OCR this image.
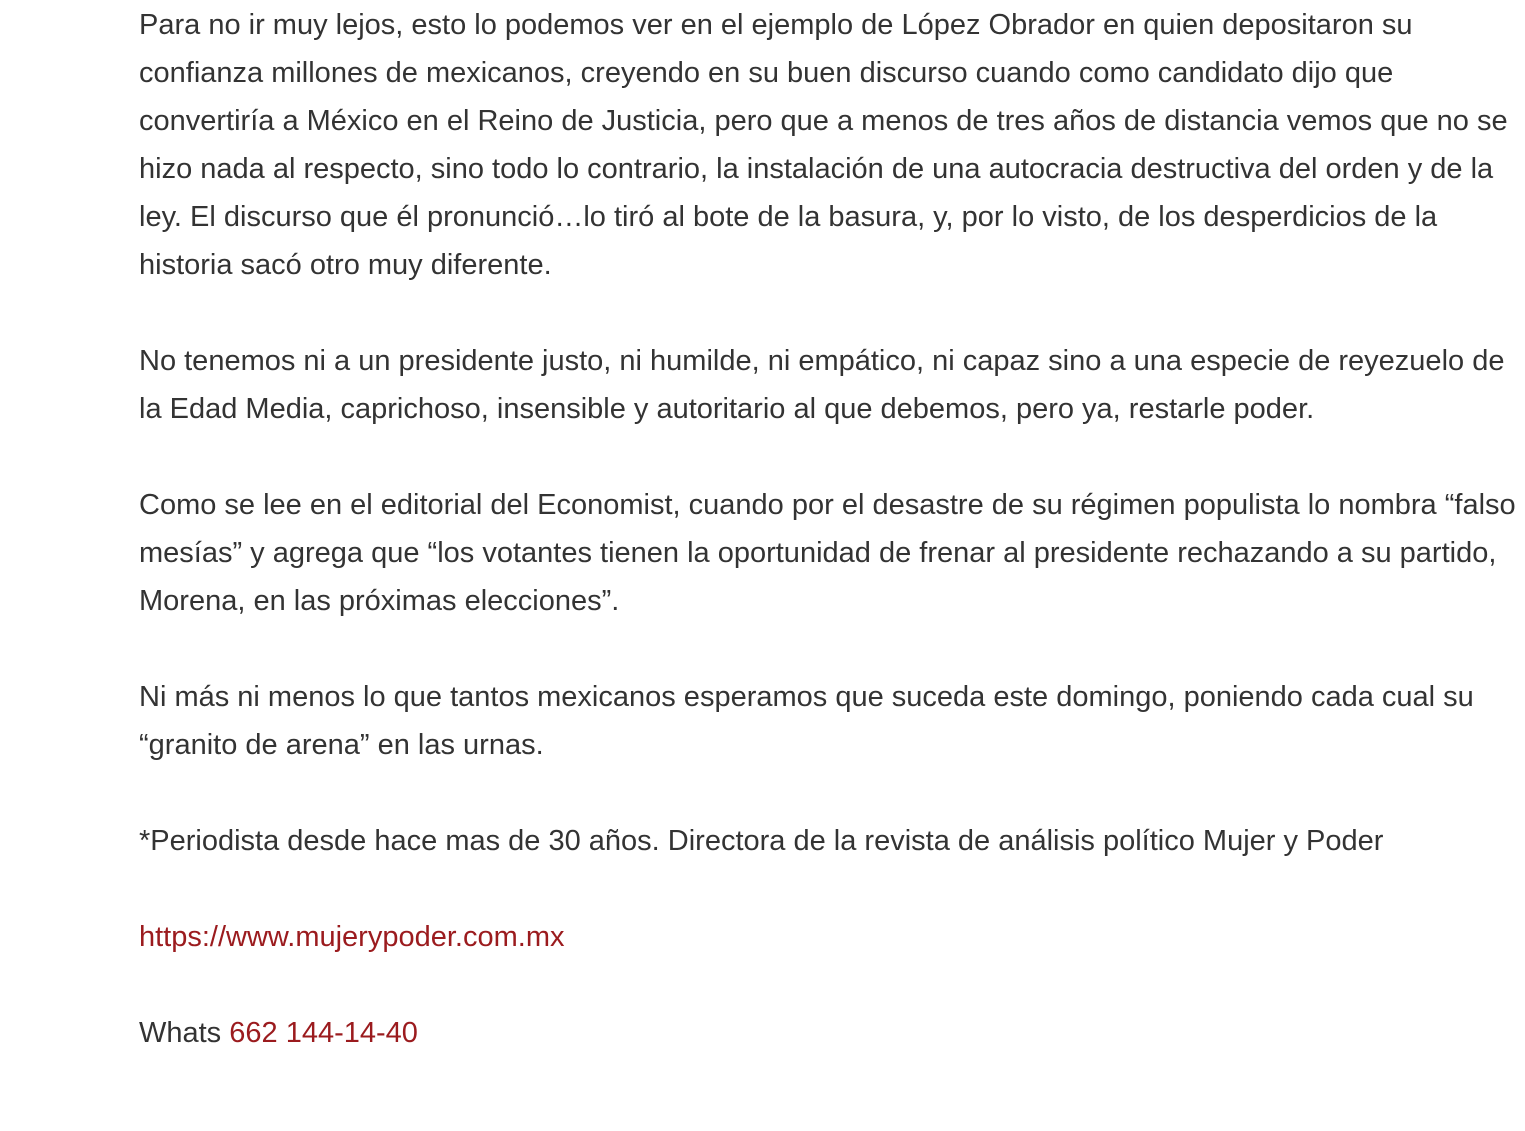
Para no ir muy lejos, esto lo podemos ver en el ejemplo de López Obrador en quien depositaron su confianza millones de mexicanos, creyendo en su buen discurso cuando como candidato dijo que convertiría a México en el Reino de Justicia, pero que a menos de tres años de distancia vemos que no se hizo nada al respecto, sino todo lo contrario, la instalación de una autocracia destructiva del orden y de la ley. El discurso que él pronunció…lo tiró al bote de la basura, y, por lo visto, de los desperdicios de la historia sacó otro muy diferente.

No tenemos ni a un presidente justo, ni humilde, ni empático, ni capaz sino a una especie de reyezuelo de la Edad Media, caprichoso, insensible y autoritario al que debemos, pero ya, restarle poder.

Como se lee en el editorial del Economist, cuando por el desastre de su régimen populista lo nombra “falso mesías” y agrega que “los votantes tienen la oportunidad de frenar al presidente rechazando a su partido, Morena, en las próximas elecciones”.

Ni más ni menos lo que tantos mexicanos esperamos que suceda este domingo, poniendo cada cual su “granito de arena” en las urnas.

*Periodista desde hace mas de 30 años. Directora de la revista de análisis político Mujer y Poder

https://www.mujerypoder.com.mx

Whats 662 144-14-40
